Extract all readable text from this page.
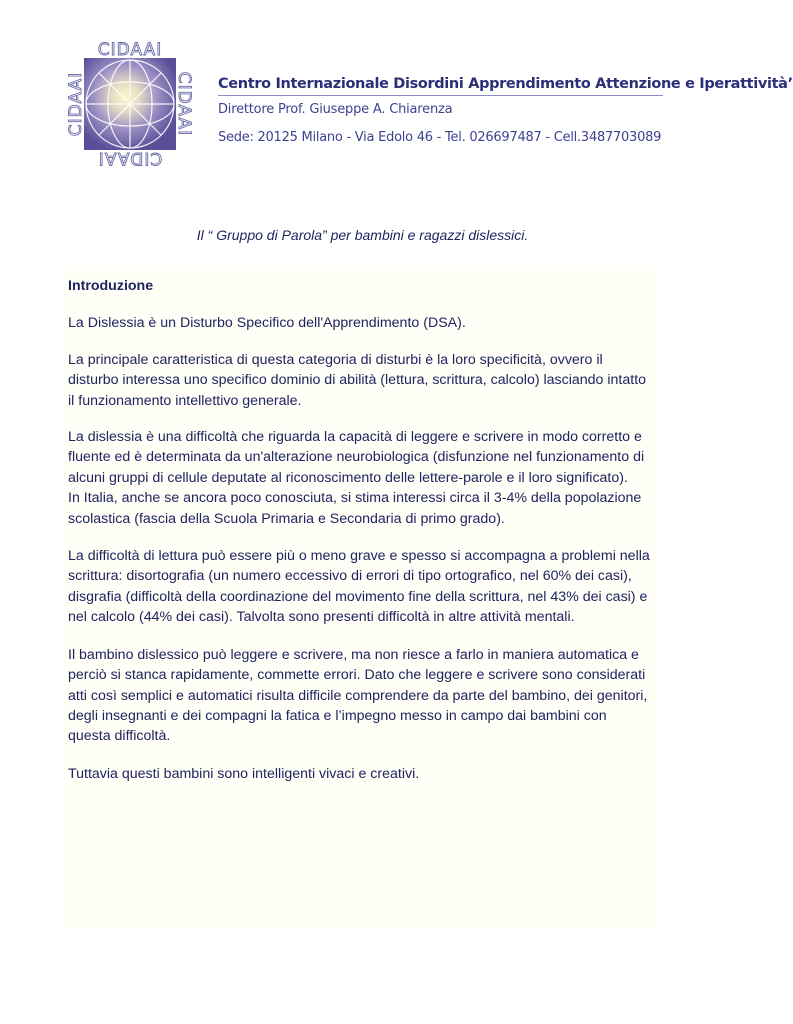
CIDAAI
CIDAAI
CIDAAI
CIDAAI	Centro Internazionale Disordini Apprendimento Attenzione e Iperattività’
Direttore Prof. Giuseppe A. Chiarenza
Sede: 20125 Milano - Via Edolo 46 - Tel. 026697487 - Cell.3487703089
Il “ Gruppo di Parola” per bambini e ragazzi dislessici.

Introduzione

La Dislessia è un Disturbo Specifico dell'Apprendimento (DSA).

La principale caratteristica di questa categoria di disturbi è la loro specificità, ovvero il disturbo interessa uno specifico dominio di abilità (lettura, scrittura, calcolo) lasciando intatto il funzionamento intellettivo generale.

La dislessia è una difficoltà che riguarda la capacità di leggere e scrivere in modo corretto e fluente ed è determinata da un'alterazione neurobiologica (disfunzione nel funzionamento di alcuni gruppi di cellule deputate al riconoscimento delle lettere-parole e il loro significato).

In Italia, anche se ancora poco conosciuta, si stima interessi circa il 3-4% della popolazione scolastica (fascia della Scuola Primaria e Secondaria di primo grado).

La difficoltà di lettura può essere più o meno grave e spesso si accompagna a problemi nella scrittura: disortografia (un numero eccessivo di errori di tipo ortografico, nel 60% dei casi), disgrafia (difficoltà della coordinazione del movimento fine della scrittura, nel 43% dei casi) e nel calcolo (44% dei casi). Talvolta sono presenti difficoltà in altre attività mentali.

Il bambino dislessico può leggere e scrivere, ma non riesce a farlo in maniera automatica e perciò si stanca rapidamente, commette errori. Dato che leggere e scrivere sono considerati atti così semplici e automatici risulta difficile comprendere da parte del bambino, dei genitori, degli insegnanti e dei compagni la fatica e l’impegno messo in campo dai bambini con questa difficoltà.

Tuttavia questi bambini sono intelligenti vivaci e creativi.
